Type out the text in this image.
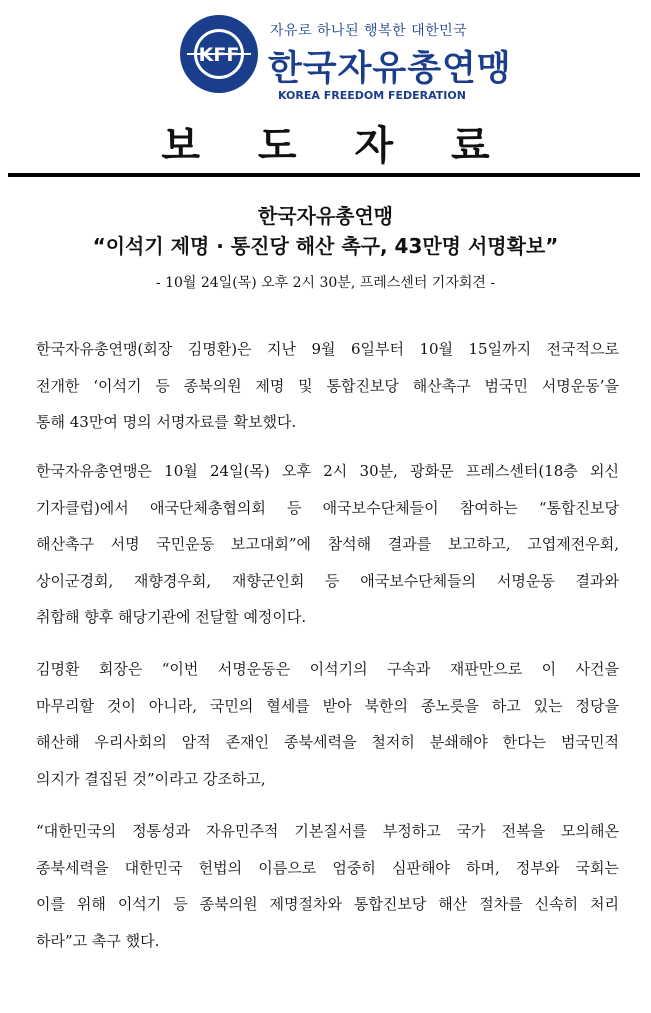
KFF
자유로 하나된 행복한 대한민국
한국자유총연맹
KOREA FREEDOM FEDERATION
보 도 자 료
한국자유총연맹
“이석기 제명 · 통진당 해산 촉구, 43만명 서명확보”
- 10월 24일(목) 오후 2시 30분, 프레스센터 기자회견 -
한국자유총연맹(회장 김명환)은 지난 9월 6일부터 10월 15일까지 전국적으로
전개한 ‘이석기 등 종북의원 제명 및 통합진보당 해산촉구 범국민 서명운동’을
통해 43만여 명의 서명자료를 확보했다.
한국자유총연맹은 10월 24일(목) 오후 2시 30분, 광화문 프레스센터(18층 외신
기자클럽)에서 애국단체총협의회 등 애국보수단체들이 참여하는 “통합진보당
해산촉구 서명 국민운동 보고대회”에 참석해 결과를 보고하고, 고엽제전우회,
상이군경회, 재향경우회, 재향군인회 등 애국보수단체들의 서명운동 결과와
취합해 향후 해당기관에 전달할 예정이다.
김명환 회장은 “이번 서명운동은 이석기의 구속과 재판만으로 이 사건을
마무리할 것이 아니라, 국민의 혈세를 받아 북한의 종노릇을 하고 있는 정당을
해산해 우리사회의 암적 존재인 종북세력을 철저히 분쇄해야 한다는 범국민적
의지가 결집된 것”이라고 강조하고,
“대한민국의 정통성과 자유민주적 기본질서를 부정하고 국가 전복을 모의해온
종북세력을 대한민국 헌법의 이름으로 엄중히 심판해야 하며, 정부와 국회는
이를 위해 이석기 등 종북의원 제명절차와 통합진보당 해산 절차를 신속히 처리
하라”고 촉구 했다.
